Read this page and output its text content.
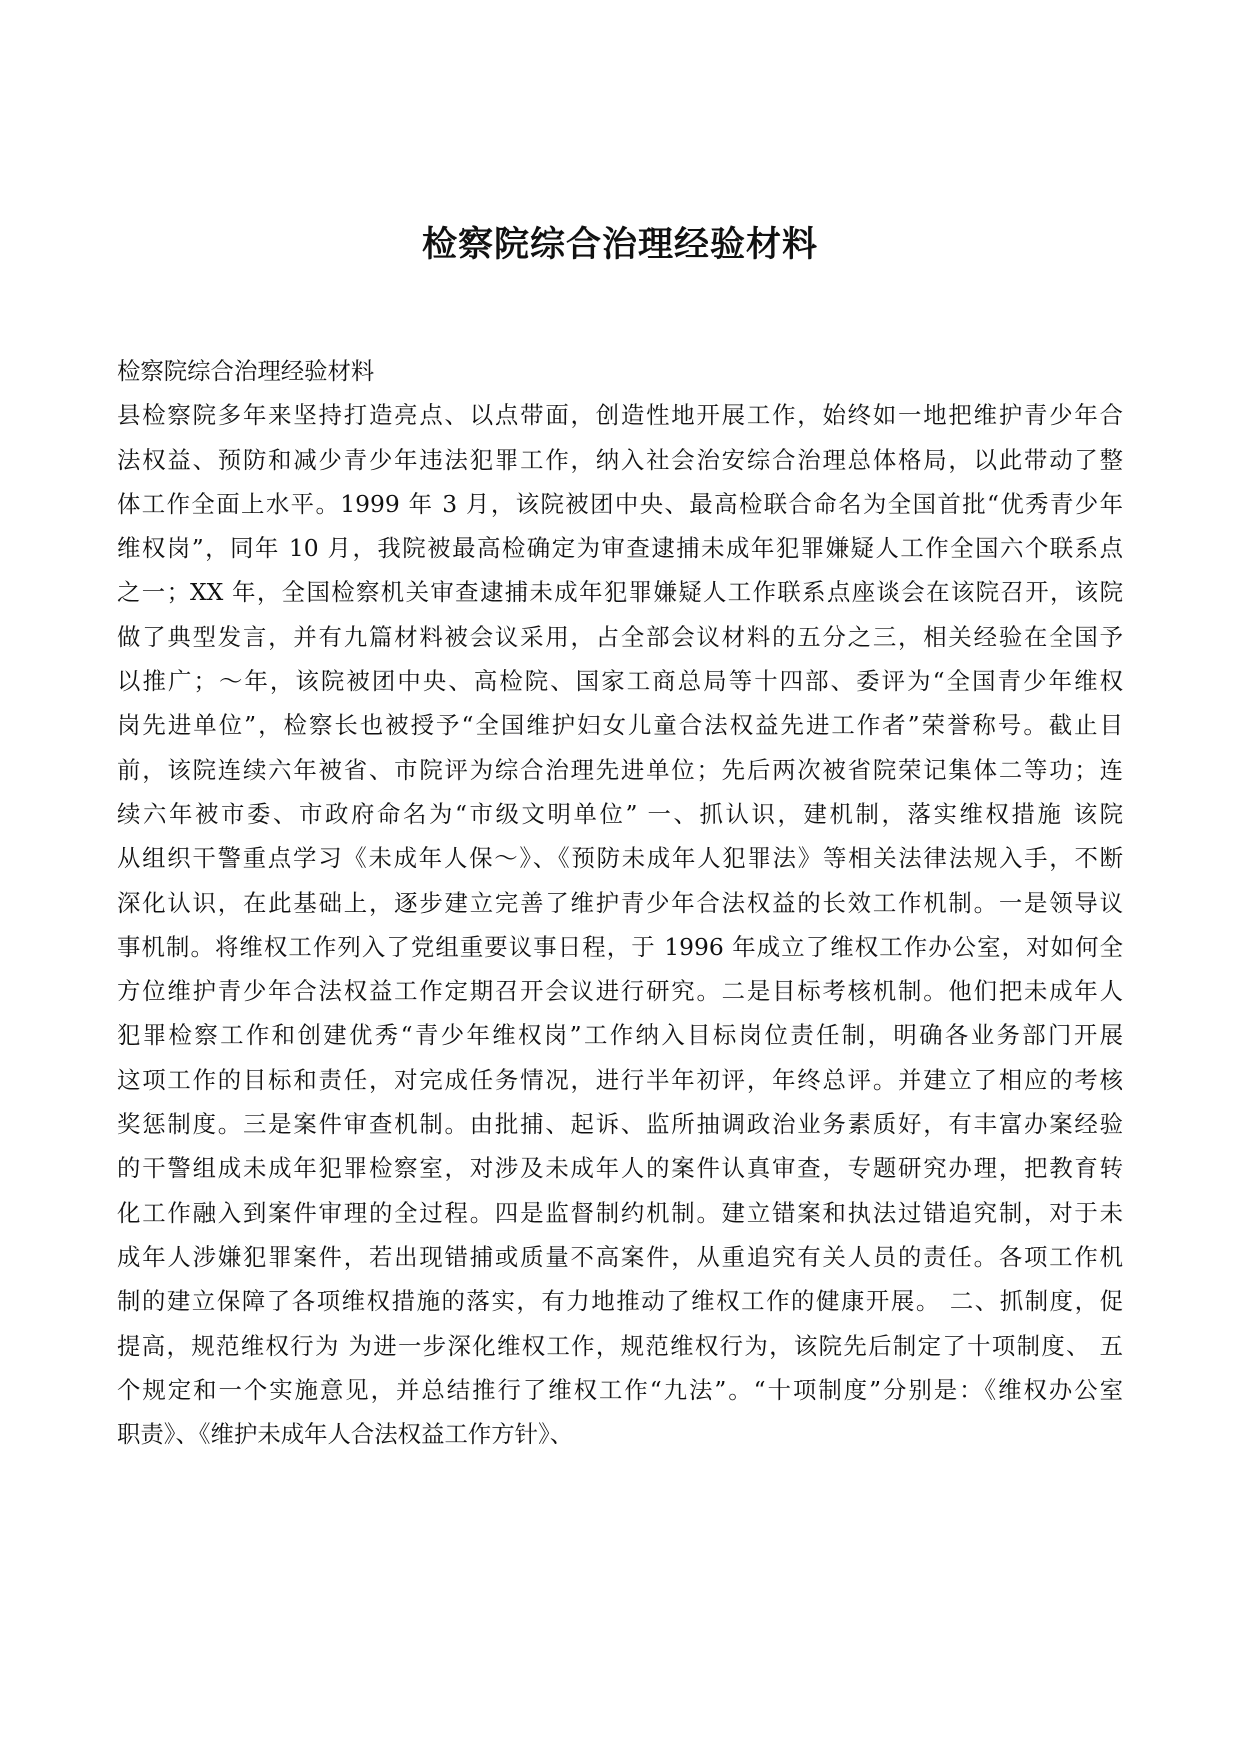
检察院综合治理经验材料
检察院综合治理经验材料
县检察院多年来坚持打造亮点、以点带面，创造性地开展工作，始终如一地把维护青少年合
法权益、预防和减少青少年违法犯罪工作，纳入社会治安综合治理总体格局，以此带动了整
体工作全面上水平。1999 年 3 月，该院被团中央、最高检联合命名为全国首批“优秀青少年
维权岗”，同年 10 月，我院被最高检确定为审查逮捕未成年犯罪嫌疑人工作全国六个联系点
之一；XX 年，全国检察机关审查逮捕未成年犯罪嫌疑人工作联系点座谈会在该院召开，该院
做了典型发言，并有九篇材料被会议采用，占全部会议材料的五分之三，相关经验在全国予
以推广；～年，该院被团中央、高检院、国家工商总局等十四部、委评为“全国青少年维权
岗先进单位”，检察长也被授予“全国维护妇女儿童合法权益先进工作者”荣誉称号。截止目
前，该院连续六年被省、市院评为综合治理先进单位；先后两次被省院荣记集体二等功；连
续六年被市委、市政府命名为“市级文明单位” 一、抓认识，建机制，落实维权措施 该院
从组织干警重点学习《未成年人保～》、《预防未成年人犯罪法》等相关法律法规入手，不断
深化认识，在此基础上，逐步建立完善了维护青少年合法权益的长效工作机制。一是领导议
事机制。将维权工作列入了党组重要议事日程，于 1996 年成立了维权工作办公室，对如何全
方位维护青少年合法权益工作定期召开会议进行研究。二是目标考核机制。他们把未成年人
犯罪检察工作和创建优秀“青少年维权岗”工作纳入目标岗位责任制，明确各业务部门开展
这项工作的目标和责任，对完成任务情况，进行半年初评，年终总评。并建立了相应的考核
奖惩制度。三是案件审查机制。由批捕、起诉、监所抽调政治业务素质好，有丰富办案经验
的干警组成未成年犯罪检察室，对涉及未成年人的案件认真审查，专题研究办理，把教育转
化工作融入到案件审理的全过程。四是监督制约机制。建立错案和执法过错追究制，对于未
成年人涉嫌犯罪案件，若出现错捕或质量不高案件，从重追究有关人员的责任。各项工作机
制的建立保障了各项维权措施的落实，有力地推动了维权工作的健康开展。 二、抓制度，促
提高，规范维权行为 为进一步深化维权工作，规范维权行为，该院先后制定了十项制度、 五
个规定和一个实施意见，并总结推行了维权工作“九法”。“十项制度”分别是：《维权办公室
职责》、《维护未成年人合法权益工作方针》、
